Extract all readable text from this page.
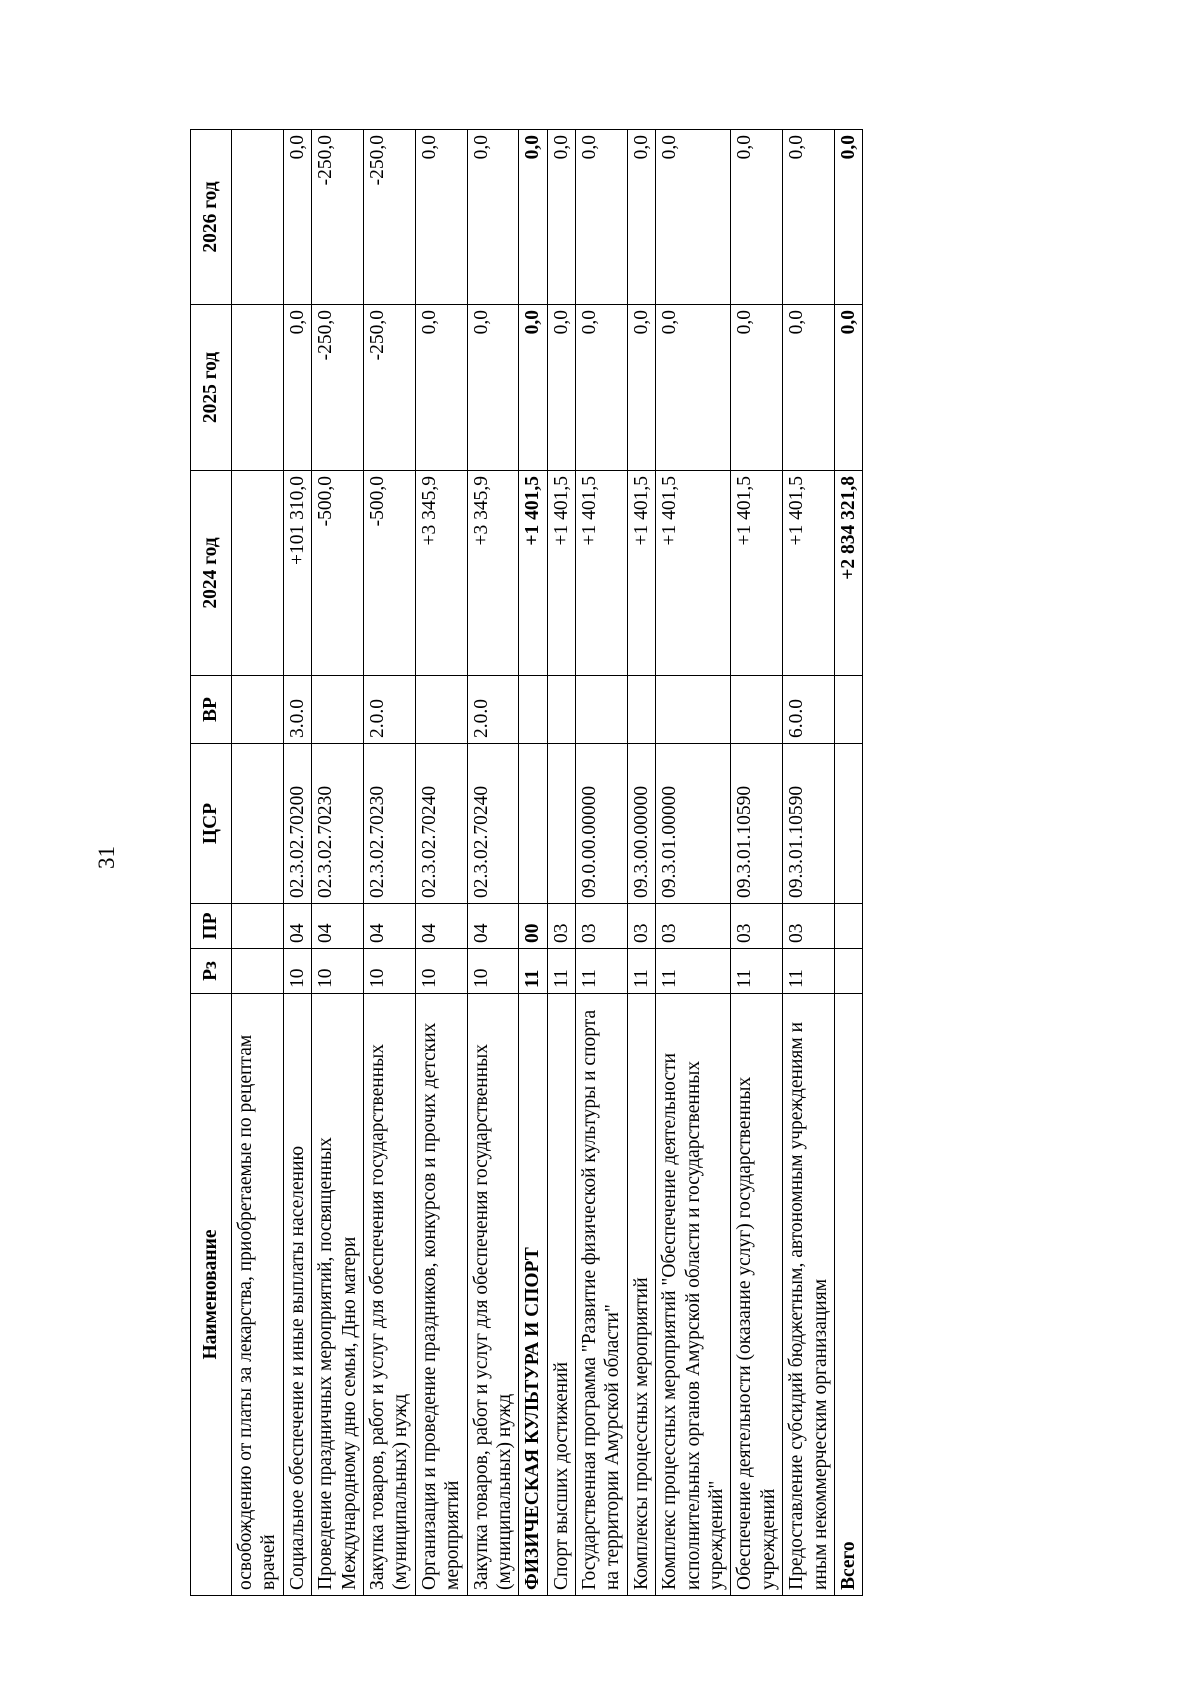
31
Наименование	Рз	ПР	ЦСР	ВР	2024 год	2025 год	2026 год
освобождению от платы за лекарства, приобретаемые по рецептам врачей							
Социальное обеспечение и иные выплаты населению	10	04	02.3.02.70200	3.0.0	+101 310,0	0,0	0,0
Проведение праздничных мероприятий, посвященных Международному дню семьи, Дню матери	10	04	02.3.02.70230		-500,0	-250,0	-250,0
Закупка товаров, работ и услуг для обеспечения государственных (муниципальных) нужд	10	04	02.3.02.70230	2.0.0	-500,0	-250,0	-250,0
Организация и проведение праздников, конкурсов и прочих детских мероприятий	10	04	02.3.02.70240		+3 345,9	0,0	0,0
Закупка товаров, работ и услуг для обеспечения государственных (муниципальных) нужд	10	04	02.3.02.70240	2.0.0	+3 345,9	0,0	0,0
ФИЗИЧЕСКАЯ КУЛЬТУРА И СПОРТ	11	00			+1 401,5	0,0	0,0
Спорт высших достижений	11	03			+1 401,5	0,0	0,0
Государственная программа "Развитие физической культуры и спорта на территории Амурской области"	11	03	09.0.00.00000		+1 401,5	0,0	0,0
Комплексы процессных мероприятий	11	03	09.3.00.00000		+1 401,5	0,0	0,0
Комплекс процессных мероприятий "Обеспечение деятельности исполнительных органов Амурской области и государственных учреждений"	11	03	09.3.01.00000		+1 401,5	0,0	0,0
Обеспечение деятельности (оказание услуг) государственных учреждений	11	03	09.3.01.10590		+1 401,5	0,0	0,0
Предоставление субсидий бюджетным, автономным учреждениям и иным некоммерческим организациям	11	03	09.3.01.10590	6.0.0	+1 401,5	0,0	0,0
Всего					+2 834 321,8	0,0	0,0
